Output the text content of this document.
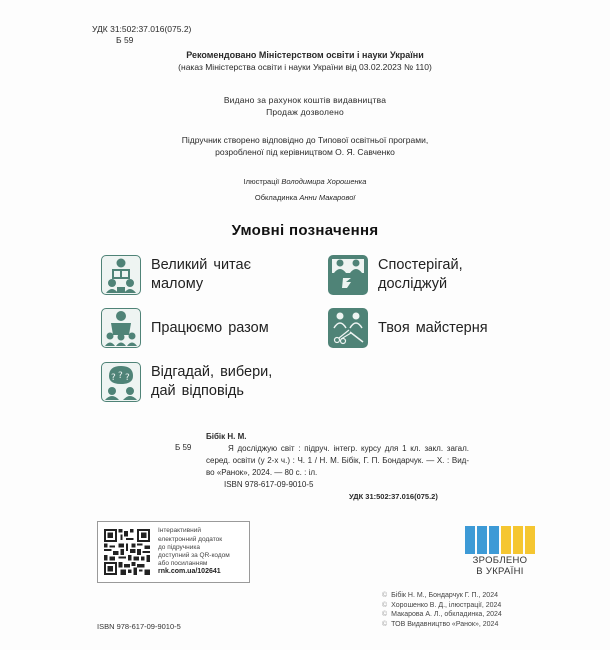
УДК 31:502:37.016(075.2)
Б 59
Рекомендовано Міністерством освіти і науки України
(наказ Міністерства освіти і науки України від 03.02.2023 № 110)
Видано за рахунок коштів видавництва
Продаж дозволено
Підручник створено відповідно до Типової освітньої програми,
розробленої під керівництвом О. Я. Савченко
Ілюстрації Володимира Хорошенка
Обкладинка Анни Макарової
Умовні позначення
Великий читає
малому
Спостерігай,
досліджуй
Працюємо разом	Твоя майстерня
? ? ? Відгадай, вибери,
дай відповідь
Бібік Н. М.
Б 59	Я досліджую світ : підруч. інтегр. курсу для 1 кл. закл. загал. серед. освіти (у 2-х ч.) : Ч. 1 / Н. М. Бібік, Г. П. Бондарчук. — Х. : Вид-во «Ранок», 2024. — 80 с. : іл.
ISBN 978-617-09-9010-5
УДК 31:502:37.016(075.2)
Інтерактивний
електронний додаток
до підручника
доступний за QR-кодом
або посиланням
rnk.com.ua/102641
ЗРОБЛЕНО
В УКРАЇНІ
© Бібік Н. М., Бондарчук Г. П., 2024
© Хорошенко В. Д., ілюстрації, 2024
© Макарова А. Л., обкладинка, 2024
© ТОВ Видавництво «Ранок», 2024
ISBN 978-617-09-9010-5
